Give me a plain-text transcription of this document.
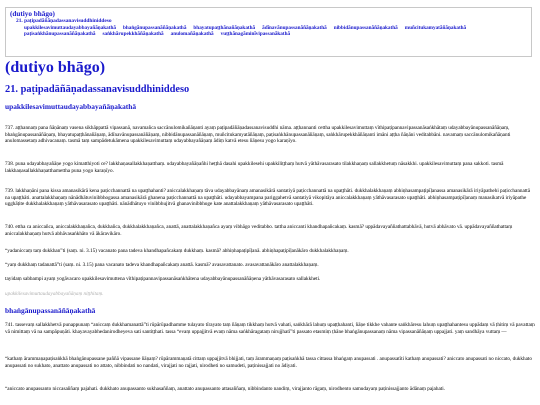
(dutiyo bhāgo)
21. paṭipadāñāṇadassanavisuddhiniddeso
upakkilesavimuttaudayabbayañāṇakathā bhaṅgānupassanāñāṇakathā bhayatupaṭṭhānañāṇakathā ādīnavānupassanāñāṇakathā nibbidānupassanāñāṇakathā muñcitukamyatāñāṇakathā
paṭisaṅkhānupassanāñāṇakathā saṅkhārupekkhāñāṇakathā anulomañāṇakathā vuṭṭhānagāminīvipassanākathā
(dutiyo bhāgo)
21. paṭipadāñāṇadassanavisuddhiniddeso
upakkilesavimuttaudayabbayañāṇakathā

737. aṭṭhannaṃ pana ñāṇānaṃ vasena sikhāppattā vipassanā, navamañca saccānulomikañāṇanti ayaṃ paṭipadāñāṇadassanavisuddhi nāma. aṭṭhannanti cettha upakkilesavimuttaṃ vīthipaṭipannavipassanāsaṅkhātaṃ udayabbayānupassanāñāṇaṃ, bhaṅgānupassanāñāṇaṃ, bhayatupaṭṭhānañāṇaṃ, ādīnavānupassanāñāṇaṃ, nibbidānupassanāñāṇaṃ, muñcitukamyatāñāṇaṃ, paṭisaṅkhānupassanāñāṇaṃ, saṅkhārupekkhāñāṇanti imāni aṭṭha ñāṇāni veditabbāni. navamaṃ saccānulomikañāṇanti anulomassetaṃ adhivacanaṃ. tasmā taṃ sampādetukāmena upakkilesavimuttaṃ udayabbayañāṇaṃ ādiṃ katvā etesu ñāṇesu yogo karaṇīyo.

738. puna udayabbayañāṇe yogo kimatthiyoti ce? lakkhaṇasallakkhaṇatthaṃ. udayabbayañāṇañhi heṭṭhā dasahi upakkilesehi upakkiliṭṭhaṃ hutvā yāthāvasarasato tilakkhaṇaṃ sallakkhetuṃ nāsakkhi. upakkilesavimuttaṃ pana sakkoti. tasmā lakkhaṇasallakkhaṇatthamettha puna yogo karaṇīyo.

739. lakkhaṇāni pana kissa amanasikārā kena paṭicchannattā na upaṭṭhahanti? aniccalakkhaṇaṃ tāva udayabbayānaṃ amanasikārā santatiyā paṭicchannattā na upaṭṭhāti. dukkhalakkhaṇaṃ abhiṇhasampaṭipīḷanassa amanasikārā iriyāpathehi paṭicchannattā na upaṭṭhāti. anattalakkhaṇaṃ nānādhātuvinibbhogassa amanasikārā ghanena paṭicchannattā na upaṭṭhāti. udayabbayampana pariggahetvā santatiyā vikopitāya aniccalakkhaṇaṃ yāthāvasarasato upaṭṭhāti. abhiṇhasampaṭipīḷanaṃ manasikatvā iriyāpathe ugghāṭite dukkhalakkhaṇaṃ yāthāvasarasato upaṭṭhāti. nānādhātuyo vinibbhujitvā ghanavinibbhoge kate anattalakkhaṇaṃ yāthāvasarasato upaṭṭhāti.

740. ettha ca aniccañca, aniccalakkhaṇañca, dukkhañca, dukkhalakkhaṇañca, anattā, anattalakkhaṇañca ayaṃ vibhāgo veditabbo. tattha aniccanti khandhapañcakaṃ. kasmā? uppādavayaññathattabhāvā, hutvā abhāvato vā. uppādavayaññathattaṃ aniccalakkhaṇaṃ hutvā abhāvasaṅkhāto vā ākāravikāro.

“yadaniccaṃ taṃ dukkhan”ti (saṃ. ni. 3.15) vacanato pana tadeva khandhapañcakaṃ dukkhaṃ. kasmā? abhiṇhapaṭipīḷanā. abhiṇhapaṭipīḷanākāro dukkhalakkhaṇaṃ.

“yaṃ dukkhaṃ tadanattā”ti (saṃ. ni. 3.15) pana vacanato tadeva khandhapañcakaṃ anattā. kasmā? avasavattanato. avasavattanākāro anattalakkhaṇaṃ.

tayidaṃ sabbampi ayaṃ yogāvacaro upakkilesavimuttena vīthipaṭipannavipassanāsaṅkhātena udayabbayānupassanāñāṇena yāthāvasarasato sallakkheti.

upakkilesavimuttaudayabbayañāṇaṃ niṭṭhitaṃ.

bhaṅgānupassanāñāṇakathā

741. tassevaṃ sallakkhetvā punappunaṃ “aniccaṃ dukkhamanattā”ti rūpārūpadhamme tulayato tīrayato taṃ ñāṇaṃ tikkhaṃ hutvā vahati, saṅkhārā lahuṃ upaṭṭhahanti, ñāṇe tikkhe vahante saṅkhāresu lahuṃ upaṭṭhahantesu uppādaṃ vā ṭhitiṃ vā pavattaṃ vā nimittaṃ vā na sampāpuṇāti. khayavayabhedanirodheyeva sati santiṭṭhati. tassa “evaṃ uppajjitvā evaṃ nāma saṅkhāragataṃ nirujjhatī”ti passato etasmiṃ ṭhāne bhaṅgānupassanaṃ nāma vipassanāñāṇaṃ uppajjati. yaṃ sandhāya vuttaṃ —

“kathaṃ ārammaṇapaṭisaṅkhā bhaṅgānupassane paññā vipassane ñāṇaṃ? rūpārammaṇatā cittaṃ uppajjitvā bhijjati, taṃ ārammaṇaṃ paṭisaṅkhā tassa cittassa bhaṅgaṃ anupassati . anupassatīti kathaṃ anupassati? aniccato anupassati no niccato, dukkhato anupassati no sukhato, anattato anupassati no attato, nibbindati no nandati, virajjati no rajjati, nirodheti no samudeti, paṭinissajjati no ādiyati.

“aniccato anupassanto niccasaññaṃ pajahati. dukkhato anupassanto sukhasaññaṃ, anattato anupassanto attasaññaṃ, nibbindanto nandiṃ, virajjanto rāgaṃ, nirodhento samudayaṃ paṭinissajjanto ādānaṃ pajahati.
